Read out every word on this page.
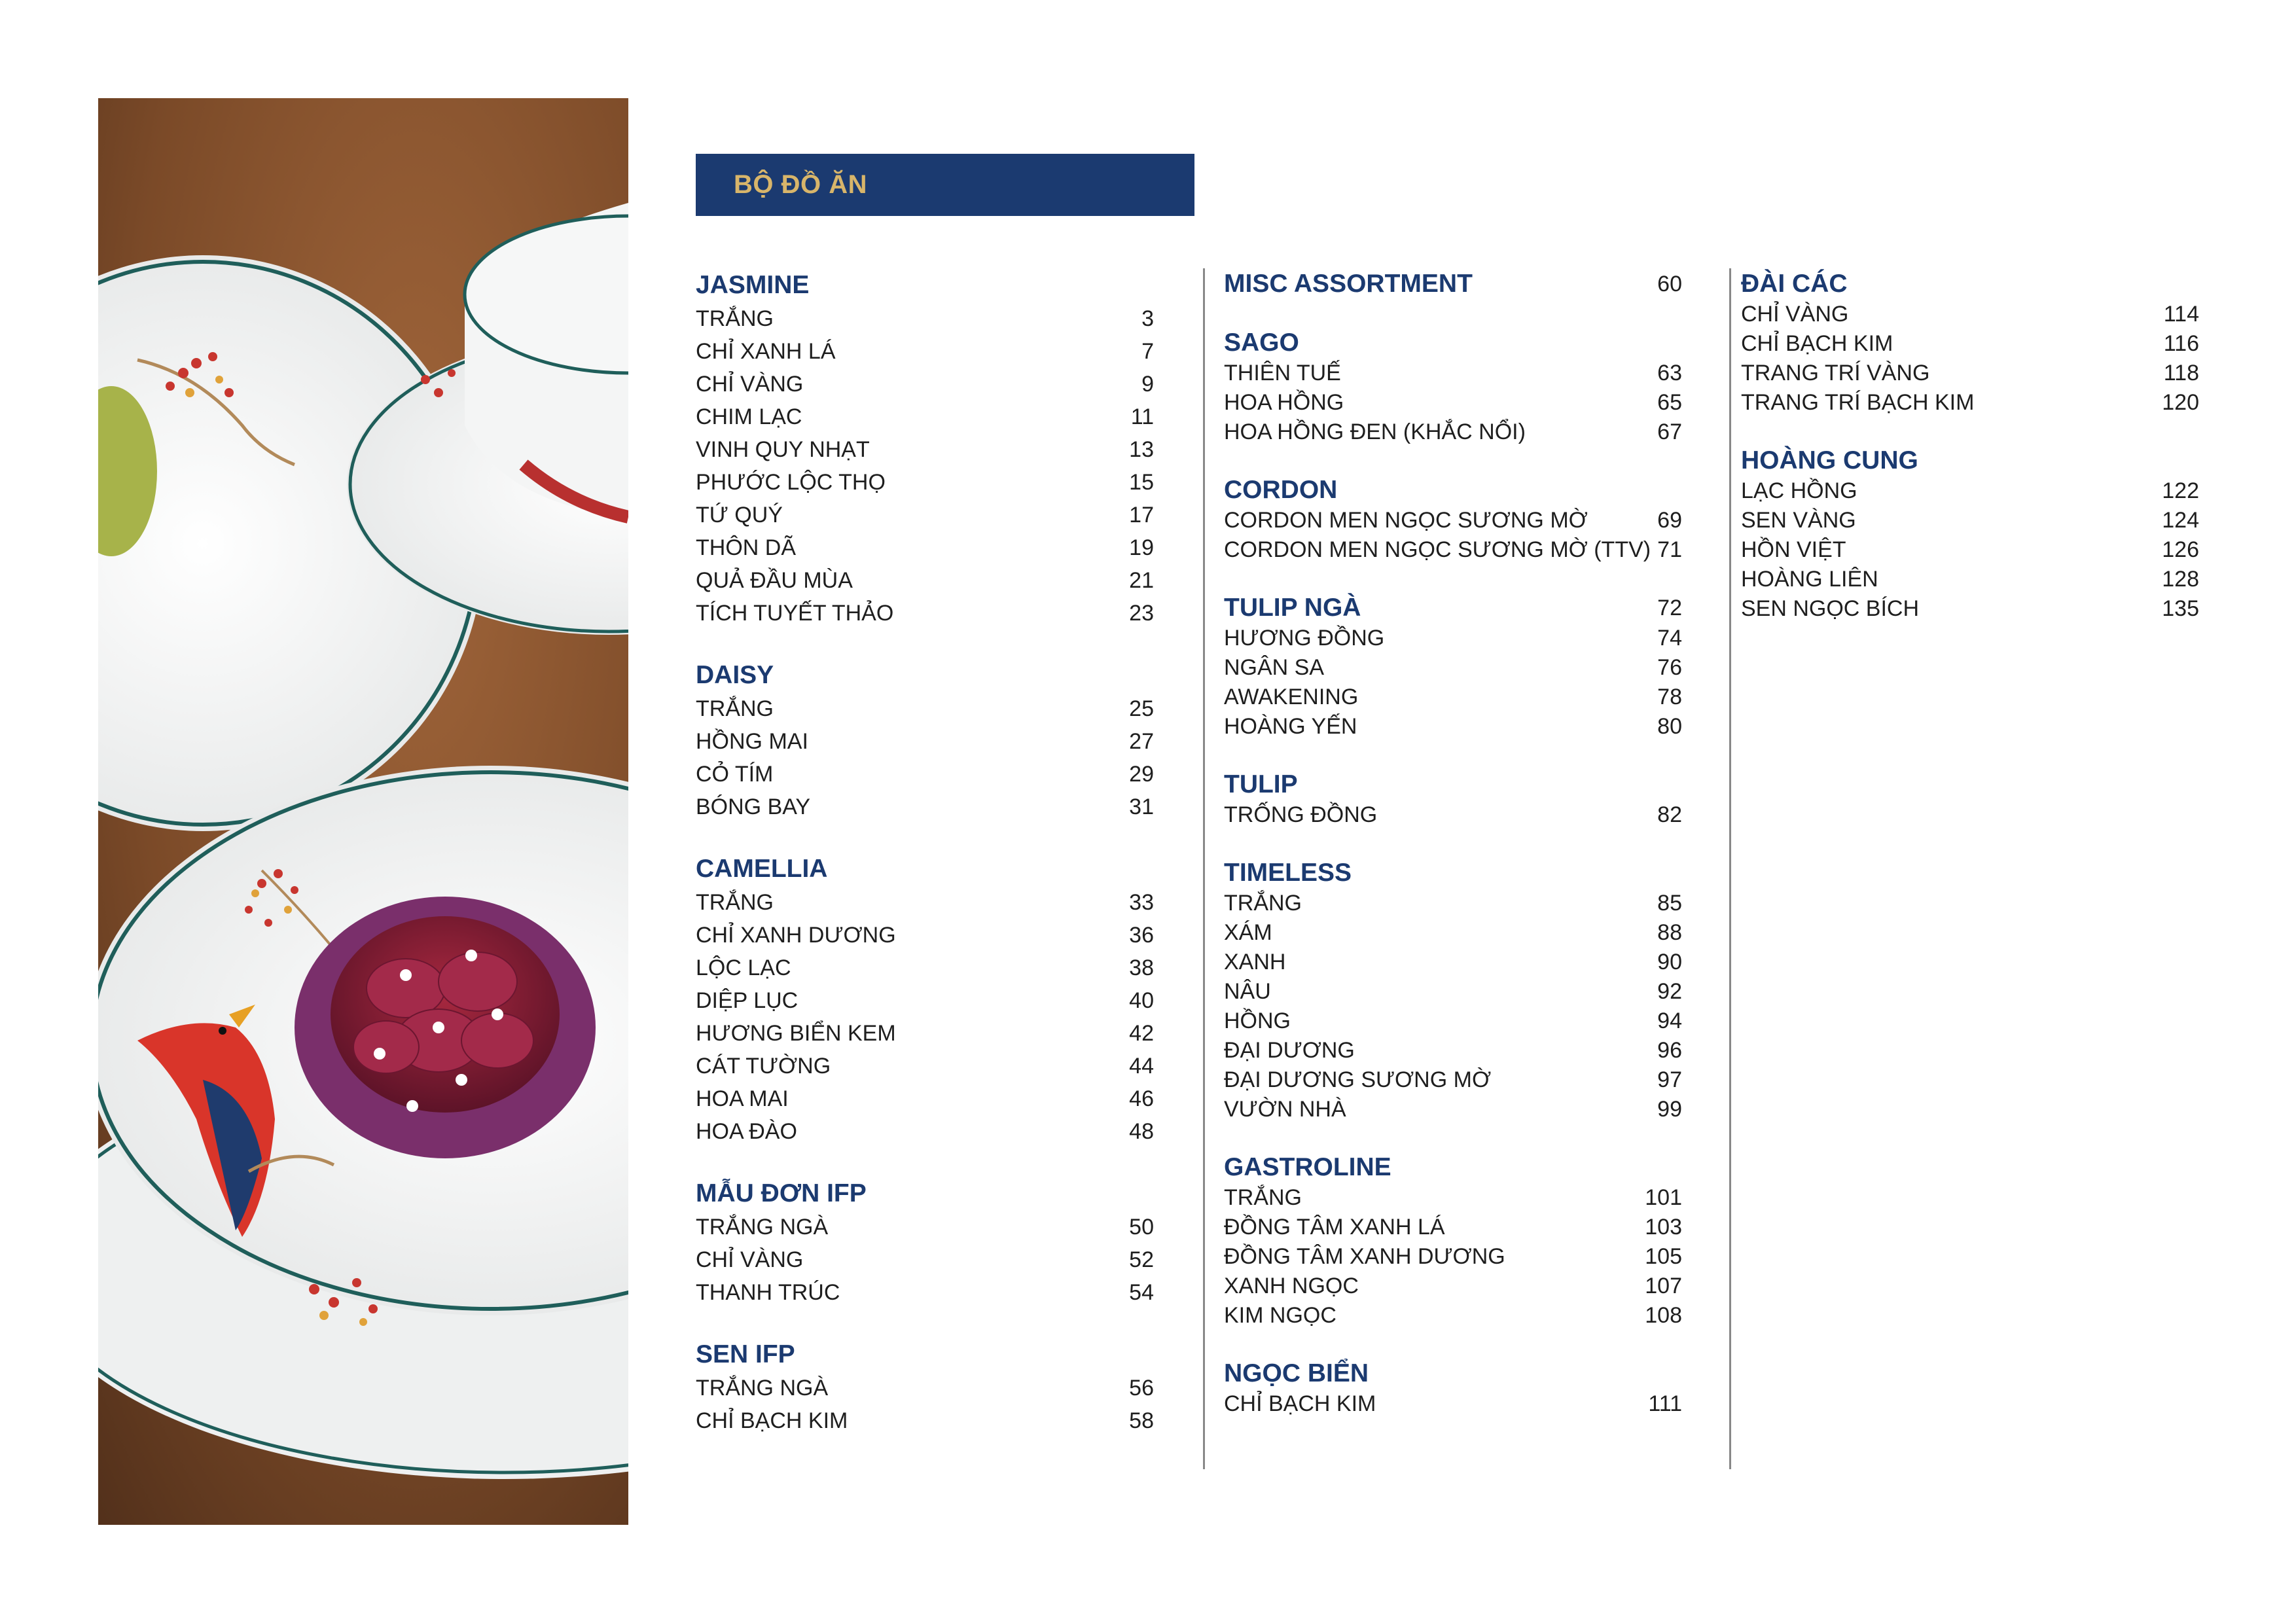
BỘ ĐỒ ĂN
JASMINE
TRẮNG	3
CHỈ XANH LÁ	7
CHỈ VÀNG	9
CHIM LẠC	11
VINH QUY NHẠT	13
PHƯỚC LỘC THỌ	15
TỨ QUÝ	17
THÔN DÃ	19
QUẢ ĐẦU MÙA	21
TÍCH TUYẾT THẢO	23
DAISY
TRẮNG	25
HỒNG MAI	27
CỎ TÍM	29
BÓNG BAY	31
CAMELLIA
TRẮNG	33
CHỈ XANH DƯƠNG	36
LỘC LẠC	38
DIỆP LỤC	40
HƯƠNG BIỂN KEM	42
CÁT TƯỜNG	44
HOA MAI	46
HOA ĐÀO	48
MẪU ĐƠN IFP
TRẮNG NGÀ	50
CHỈ VÀNG	52
THANH TRÚC	54
SEN IFP
TRẮNG NGÀ	56
CHỈ BẠCH KIM	58
MISC ASSORTMENT	60
SAGO
THIÊN TUẾ	63
HOA HỒNG	65
HOA HỒNG ĐEN (KHẮC NỔI)	67
CORDON
CORDON MEN NGỌC SƯƠNG MỜ	69
CORDON MEN NGỌC SƯƠNG MỜ (TTV) 71
TULIP NGÀ	72
HƯƠNG ĐỒNG	74
NGÂN SA	76
AWAKENING	78
HOÀNG YẾN	80
TULIP
TRỐNG ĐỒNG	82
TIMELESS
TRẮNG	85
XÁM	88
XANH	90
NÂU	92
HỒNG	94
ĐẠI DƯƠNG	96
ĐẠI DƯƠNG SƯƠNG MỜ	97
VƯỜN NHÀ	99
GASTROLINE
TRẮNG	101
ĐỒNG TÂM XANH LÁ	103
ĐỒNG TÂM XANH DƯƠNG	105
XANH NGỌC	107
KIM NGỌC	108
NGỌC BIỂN
CHỈ BẠCH KIM	111
ĐÀI CÁC
CHỈ VÀNG	114
CHỈ BẠCH KIM	116
TRANG TRÍ VÀNG	118
TRANG TRÍ BẠCH KIM	120
HOÀNG CUNG
LẠC HỒNG	122
SEN VÀNG	124
HỒN VIỆT	126
HOÀNG LIÊN	128
SEN NGỌC BÍCH	135
